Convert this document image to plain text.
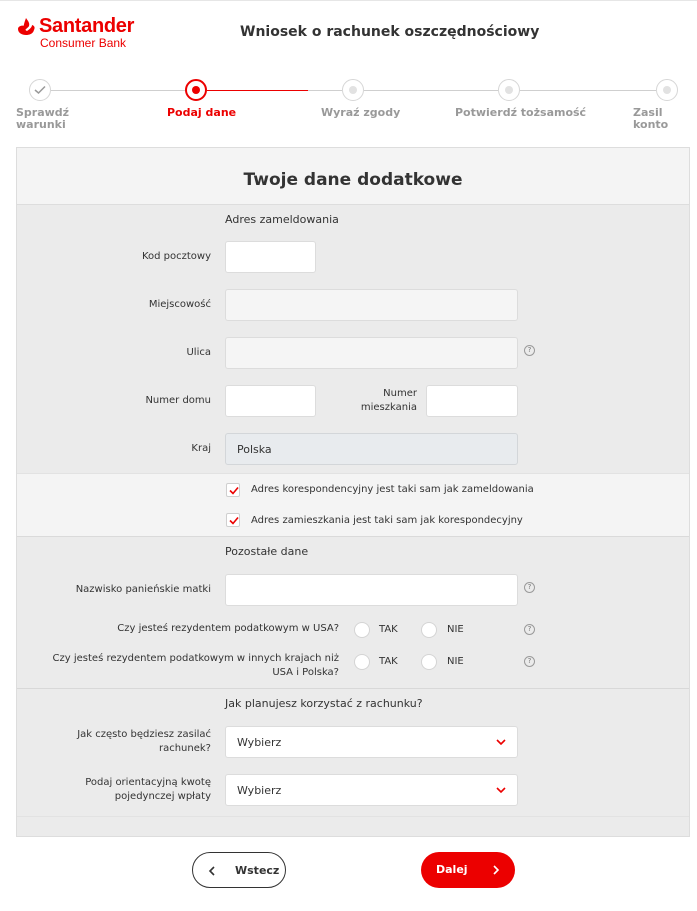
Santander
Consumer Bank
Wniosek o rachunek oszczędnościowy
Sprawdź
warunki
Podaj dane	Wyraź zgody	Potwierdź tożsamość	Zasil konto
Twoje dane dodatkowe
Adres zameldowania
Kod pocztowy
Miejscowość
Ulica	?
Numer domu
Numer
mieszkania
Kraj Polska
Adres korespondencyjny jest taki sam jak zameldowania
Adres zamieszkania jest taki sam jak korespondecyjny
Pozostałe dane
Nazwisko panieńskie matki	?
Czy jesteś rezydentem podatkowym w USA?	TAK	NIE	?
Czy jesteś rezydentem podatkowym w innych krajach niż
USA i Polska?
TAK	NIE	?
Jak planujesz korzystać z rachunku?
Jak często będziesz zasilać
rachunek? Wybierz
Podaj orientacyjną kwotę
pojedynczej wpłaty Wybierz
Wstecz	Dalej
